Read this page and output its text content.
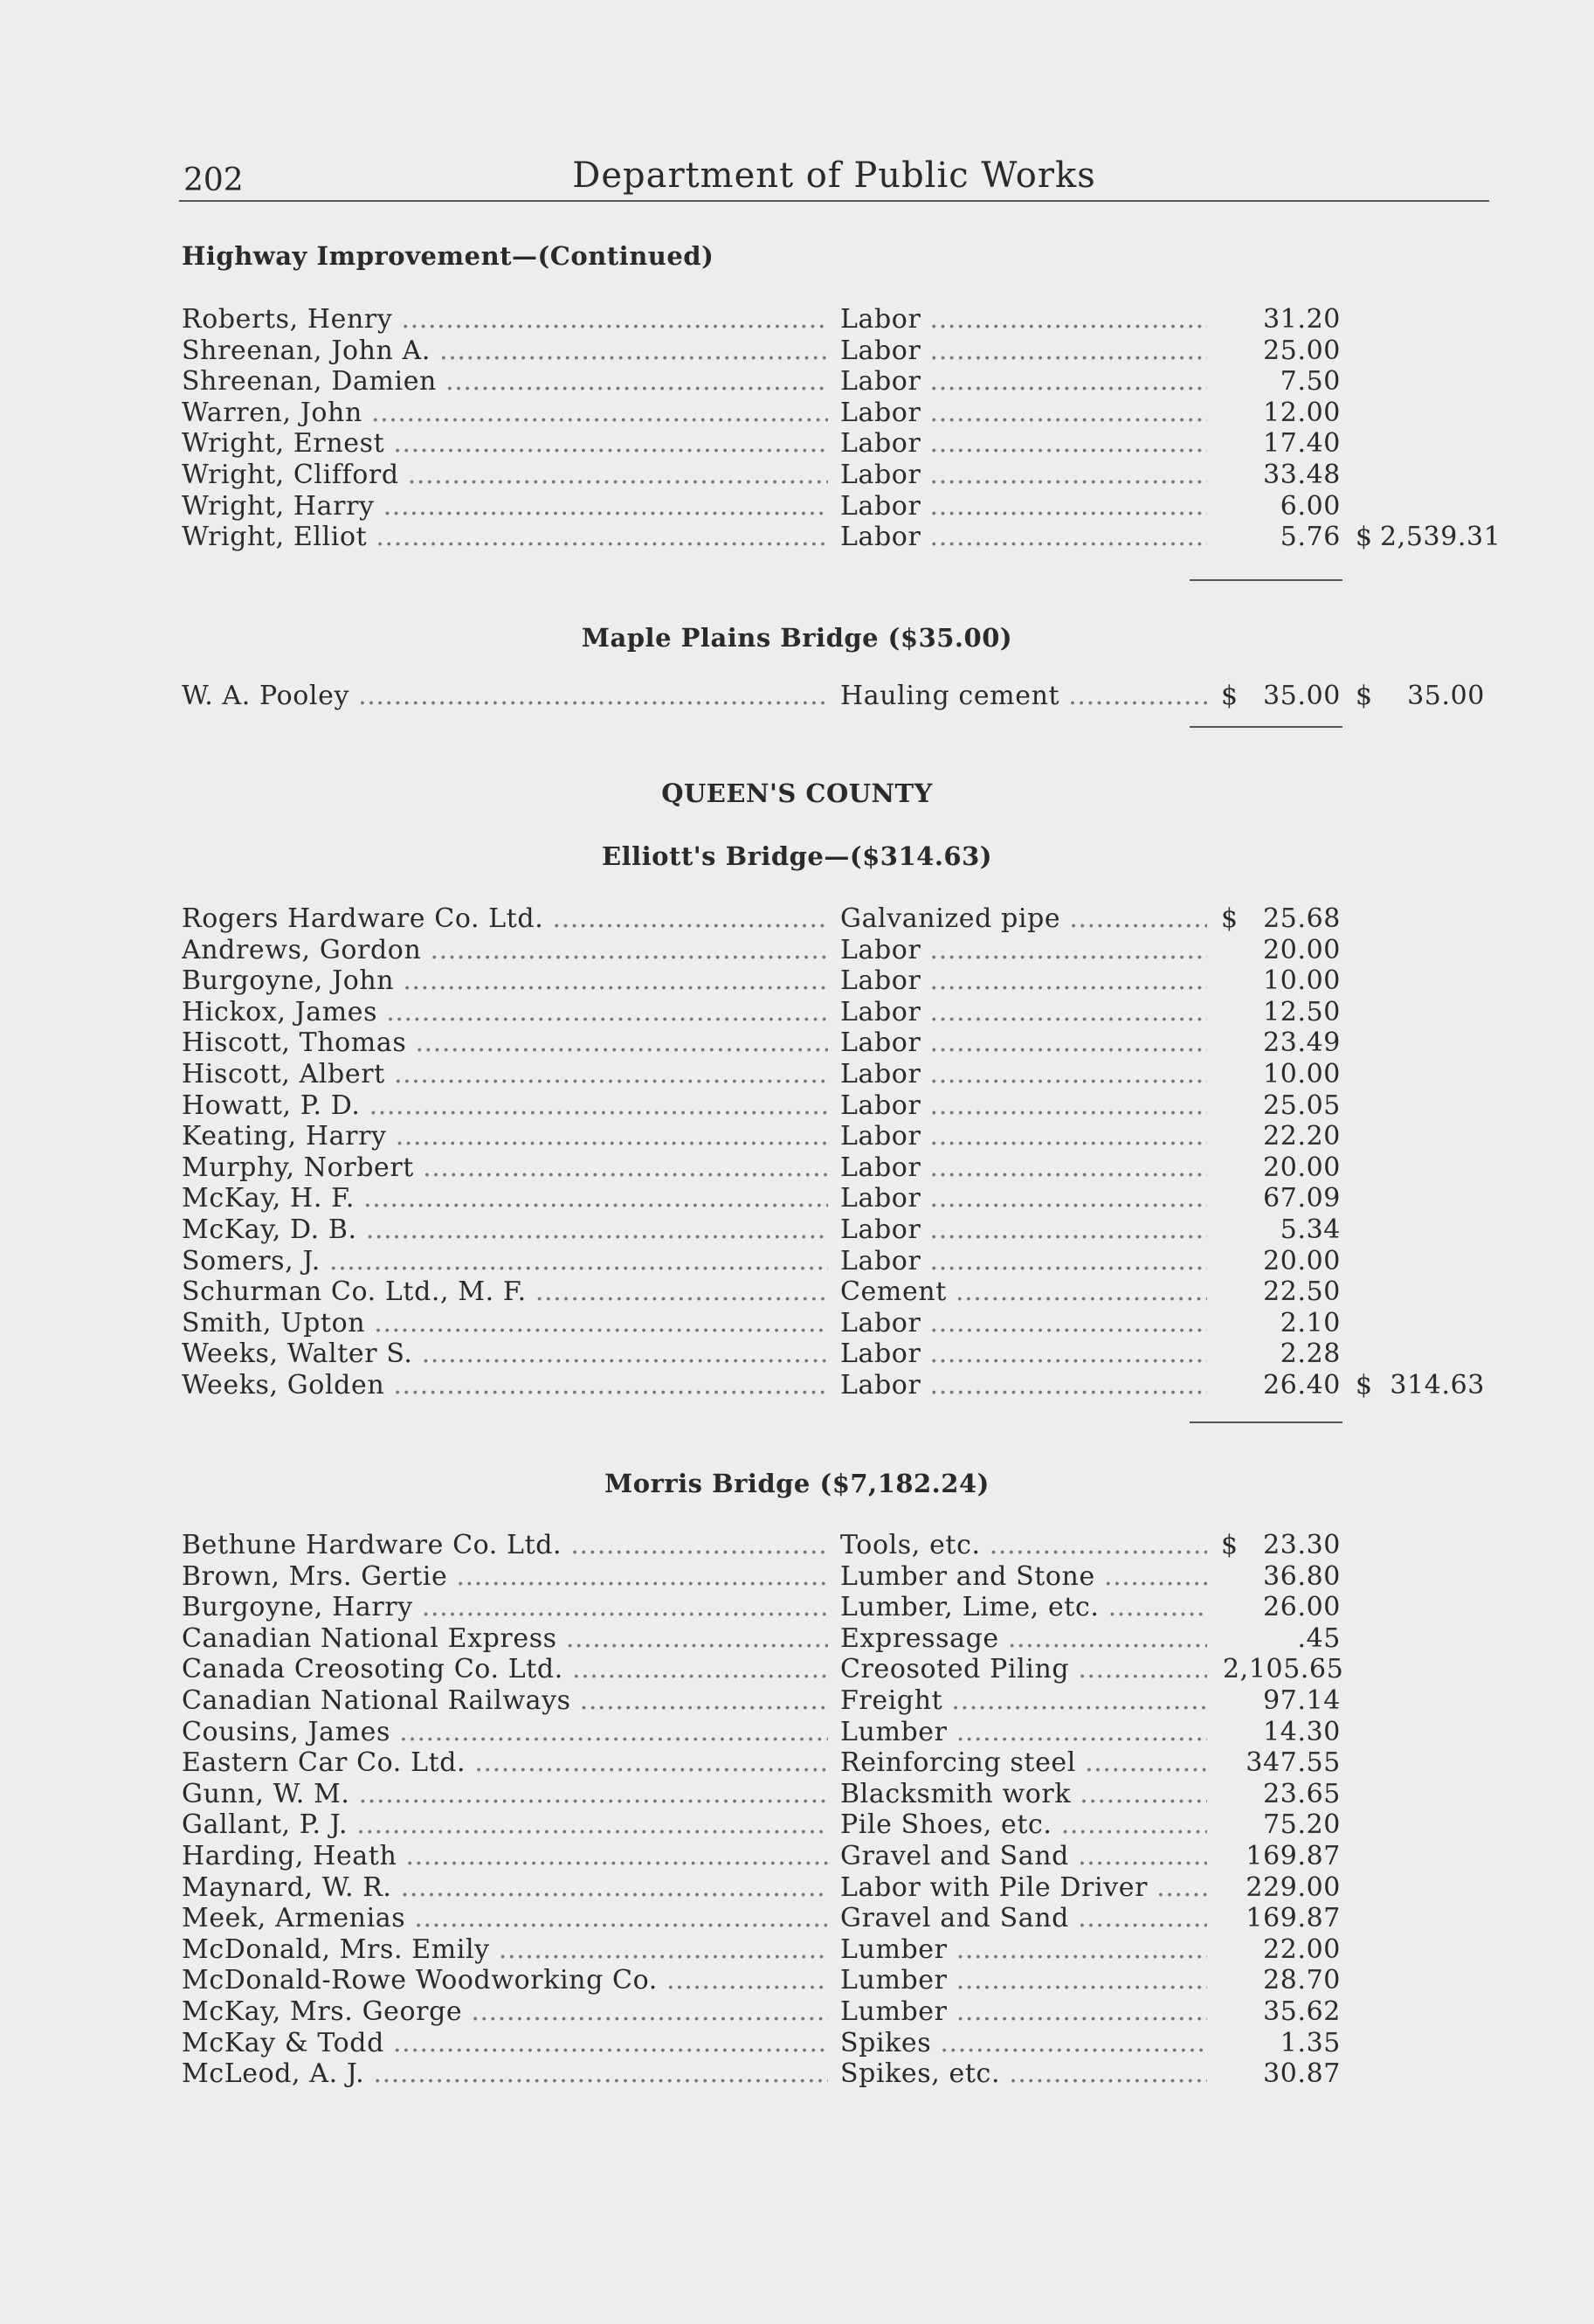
202	Department of Public Works
Highway Improvement—(Continued)
Roberts, Henry .....	Labor .....	31.20
Shreenan, John A. .....	Labor .....	25.00
Shreenan, Damien .....	Labor .....	7.50
Warren, John .....	Labor .....	12.00
Wright, Ernest .....	Labor .....	17.40
Wright, Clifford .....	Labor .....	33.48
Wright, Harry .....	Labor .....	6.00
Wright, Elliot .....	Labor .....	5.76 $ 2,539.31
Maple Plains Bridge ($35.00)
W. A. Pooley .....	Hauling cement .....	$ 35.00 $	35.00
QUEEN'S COUNTY
Elliott's Bridge—($314.63)
Rogers Hardware Co. Ltd. .....	Galvanized pipe .....	$ 25.68
Andrews, Gordon .....	Labor .....	20.00
Burgoyne, John .....	Labor .....	10.00
Hickox, James .....	Labor .....	12.50
Hiscott, Thomas .....	Labor .....	23.49
Hiscott, Albert .....	Labor .....	10.00
Howatt, P. D. .....	Labor .....	25.05
Keating, Harry .....	Labor .....	22.20
Murphy, Norbert .....	Labor .....	20.00
McKay, H. F. .....	Labor .....	67.09
McKay, D. B. .....	Labor .....	5.34
Somers, J. .....	Labor .....	20.00
Schurman Co. Ltd., M. F. .....	Cement .....	22.50
Smith, Upton .....	Labor .....	2.10
Weeks, Walter S. .....	Labor .....	2.28
Weeks, Golden .....	Labor .....	26.40 $ 314.63
Morris Bridge ($7,182.24)
Bethune Hardware Co. Ltd. .....	Tools, etc. .....	$ 23.30
Brown, Mrs. Gertie .....	Lumber and Stone .....	36.80
Burgoyne, Harry .....	Lumber, Lime, etc. .....	26.00
Canadian National Express .....	Expressage .....	.45
Canada Creosoting Co. Ltd. .....	Creosoted Piling .....	2,105.65
Canadian National Railways .....	Freight .....	97.14
Cousins, James .....	Lumber .....	14.30
Eastern Car Co. Ltd. .....	Reinforcing steel .....	347.55
Gunn, W. M. .....	Blacksmith work .....	23.65
Gallant, P. J. .....	Pile Shoes, etc. .....	75.20
Harding, Heath .....	Gravel and Sand .....	169.87
Maynard, W. R. .....	Labor with Pile Driver .....	229.00
Meek, Armenias .....	Gravel and Sand .....	169.87
McDonald, Mrs. Emily .....	Lumber .....	22.00
McDonald-Rowe Woodworking Co. .....	Lumber .....	28.70
McKay, Mrs. George .....	Lumber .....	35.62
McKay & Todd .....	Spikes .....	1.35
McLeod, A. J. .....	Spikes, etc. .....	30.87
